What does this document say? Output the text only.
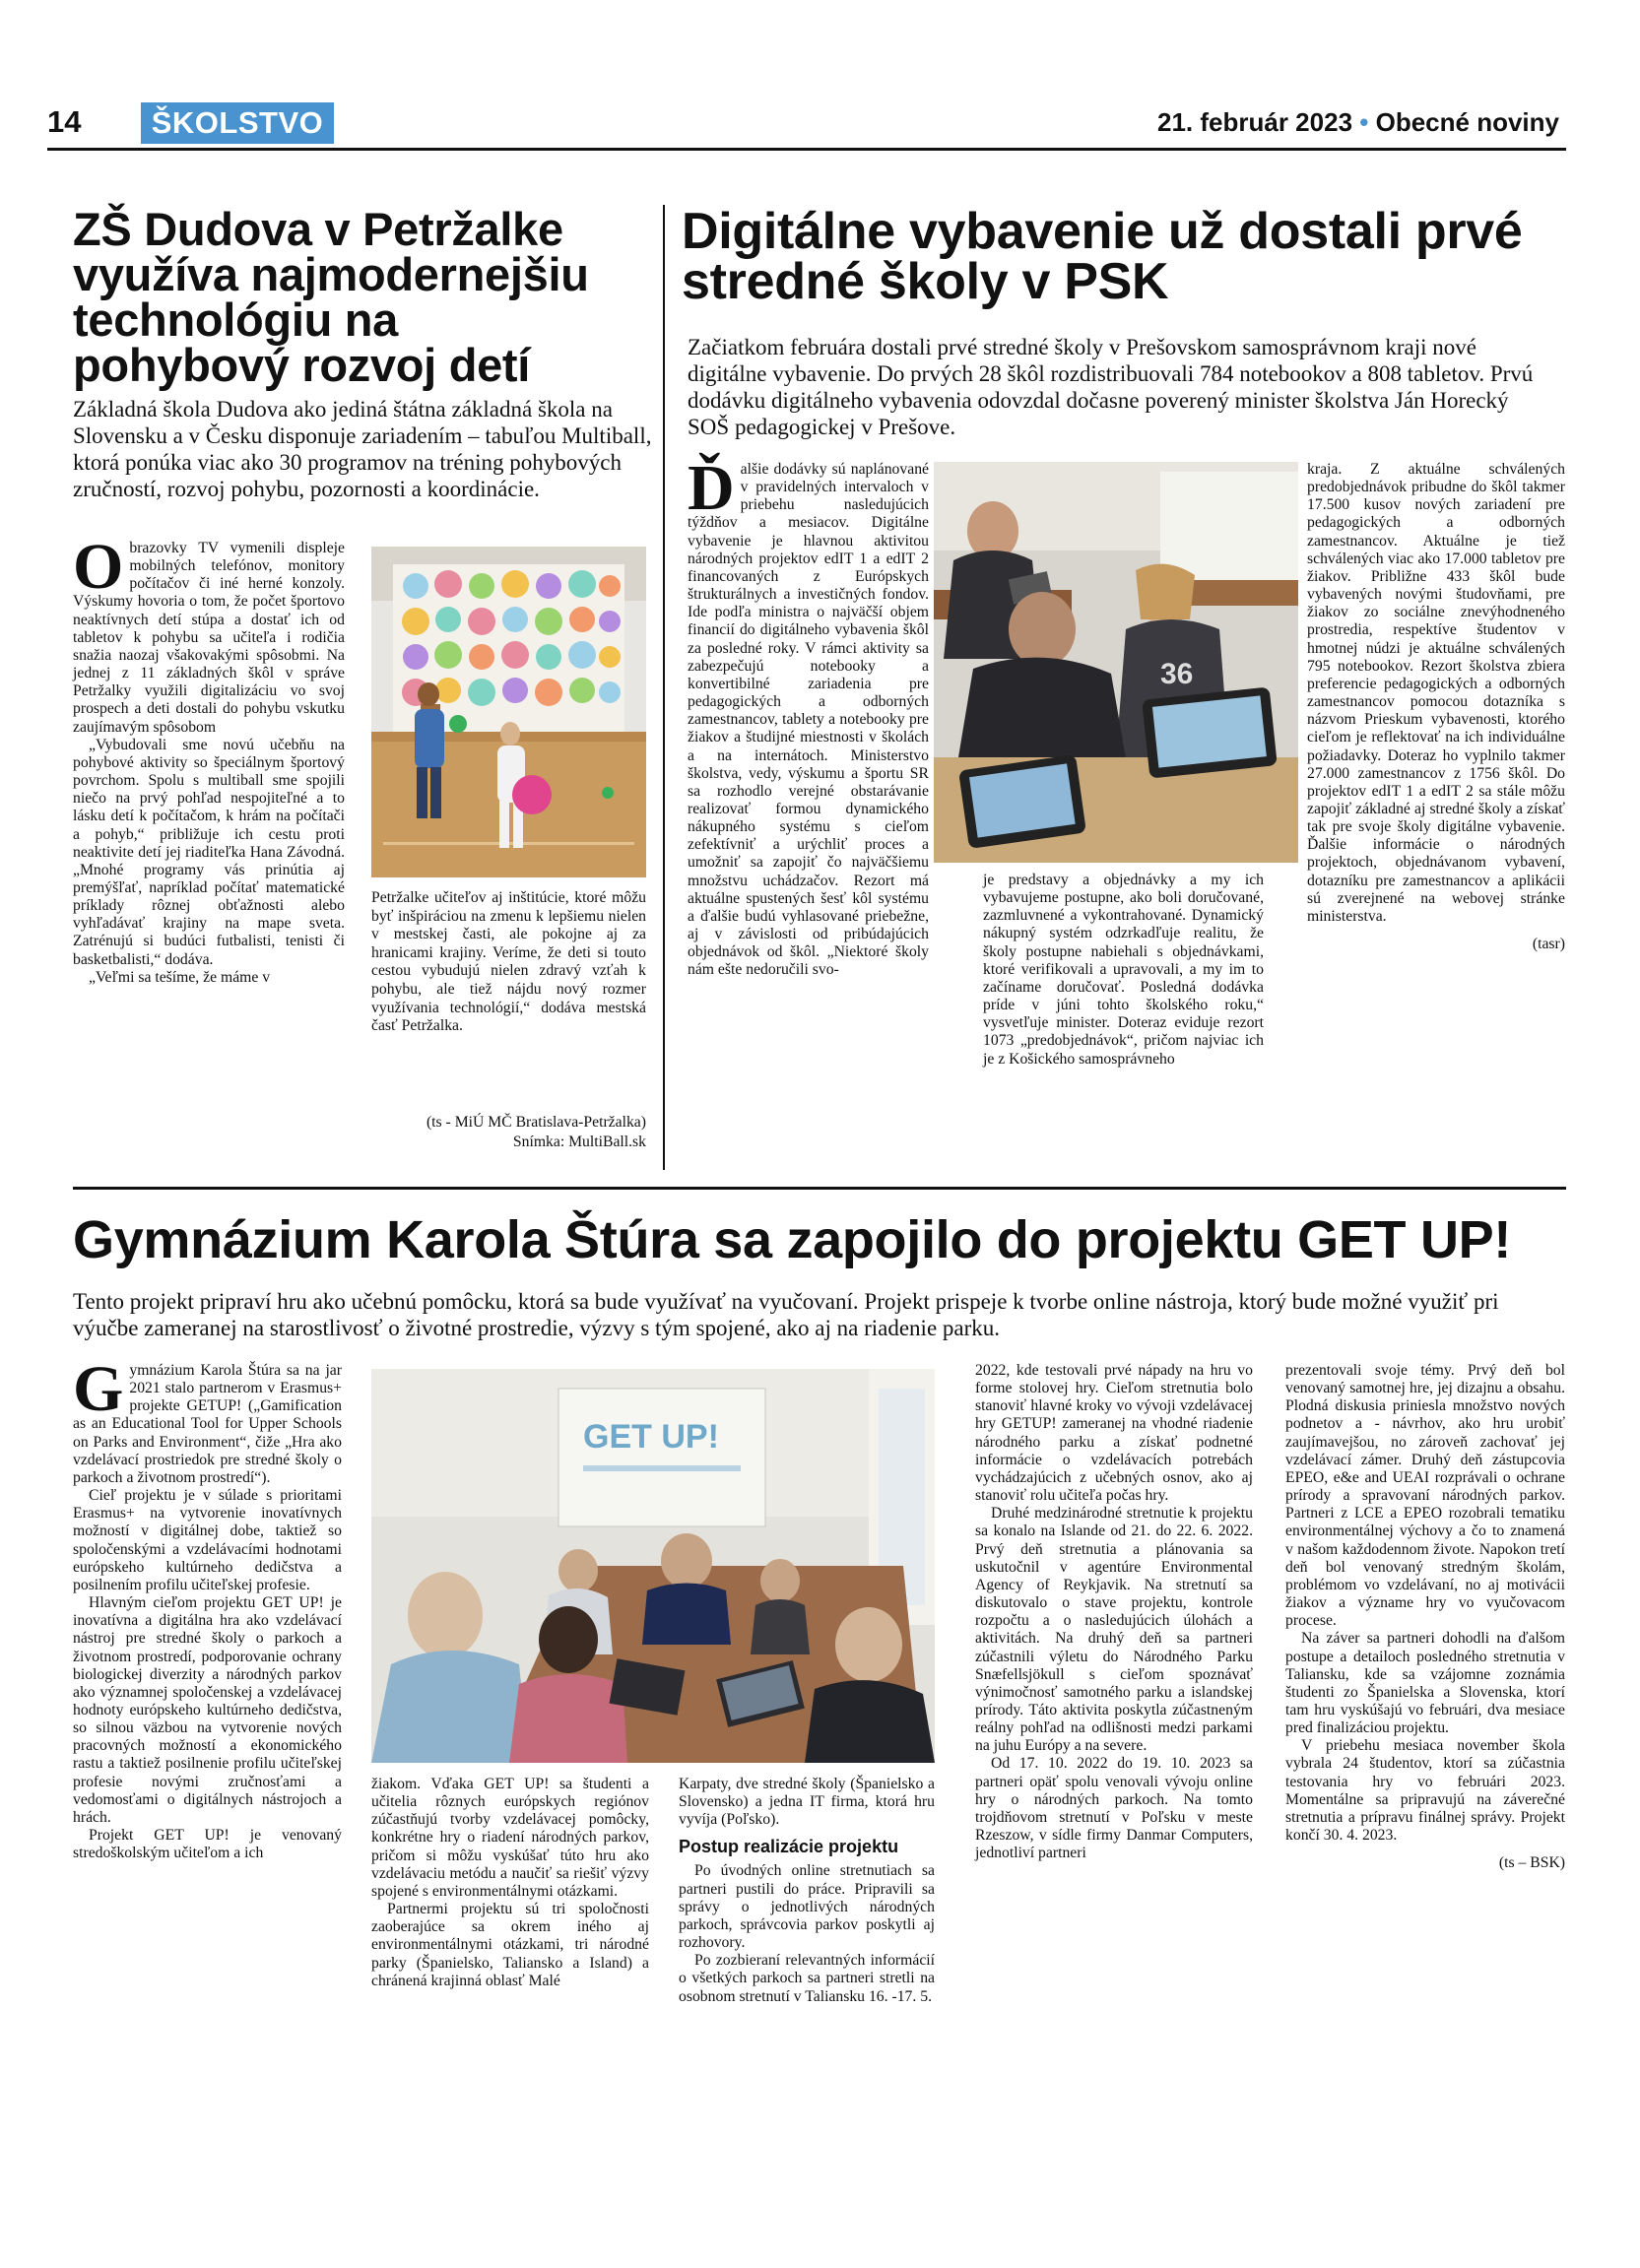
14	ŠKOLSTVO	21. február 2023 • Obecné noviny
ZŠ Dudova v Petržalke využíva najmodernejšiu technológiu na pohybový rozvoj detí
Základná škola Dudova ako jediná štátna základná škola na Slovensku a v Česku disponuje zariadením – tabuľou Multiball, ktorá ponúka viac ako 30 programov na tréning pohybových zručností, rozvoj pohybu, pozornosti a koordinácie.

Obrazovky TV vymenili displeje mobilných telefónov, monitory počítačov či iné herné konzoly. Výskumy hovoria o tom, že počet športovo neaktívnych detí stúpa a dostať ich od tabletov k pohybu sa učiteľa i rodičia snažia naozaj všakovakými spôsobmi. Na jednej z 11 základných škôl v správe Petržalky využili digitalizáciu vo svoj prospech a deti dostali do pohybu vskutku zaujímavým spôsobom

„Vybudovali sme novú učebňu na pohybové aktivity so špeciálnym športový povrchom. Spolu s multiball sme spojili niečo na prvý pohľad nespojiteľné a to lásku detí k počítačom, k hrám na počítači a pohyb,“ približuje ich cestu proti neaktivite detí jej riaditeľka Hana Závodná. „Mnohé programy vás prinútia aj premýšľať, napríklad počítať matematické príklady rôznej obťažnosti alebo vyhľadávať krajiny na mape sveta. Zatrénujú si budúci futbalisti, tenisti či basketbalisti,“ dodáva.

„Veľmi sa tešíme, že máme v

Petržalke učiteľov aj inštitúcie, ktoré môžu byť inšpiráciou na zmenu k lepšiemu nielen v mestskej časti, ale pokojne aj za hranicami krajiny. Veríme, že deti si touto cestou vybudujú nielen zdravý vzťah k pohybu, ale tiež nájdu nový rozmer využívania technológií,“ dodáva mestská časť Petržalka.
(ts - MiÚ MČ Bratislava-Petržalka)
Snímka: MultiBall.sk
Digitálne vybavenie už dostali prvé stredné školy v PSK
Začiatkom februára dostali prvé stredné školy v Prešovskom samosprávnom kraji nové digitálne vybavenie. Do prvých 28 škôl rozdistribuovali 784 notebookov a 808 tabletov. Prvú dodávku digitálneho vybavenia odovzdal dočasne poverený minister školstva Ján Horecký SOŠ pedagogickej v Prešove.

Ďalšie dodávky sú naplánované v pravidelných intervaloch v priebehu nasledujúcich týždňov a mesiacov. Digitálne vybavenie je hlavnou aktivitou národných projektov edIT 1 a edIT 2 financovaných z Európskych štrukturálnych a investičných fondov. Ide podľa ministra o najväčší objem financií do digitálneho vybavenia škôl za posledné roky. V rámci aktivity sa zabezpečujú notebooky a konvertibilné zariadenia pre pedagogických a odborných zamestnancov, tablety a notebooky pre žiakov a študijné miestnosti v školách a na internátoch. Ministerstvo školstva, vedy, výskumu a športu SR sa rozhodlo verejné obstarávanie realizovať formou dynamického nákupného systému s cieľom zefektívniť a urýchliť proces a umožniť sa zapojiť čo najväčšiemu množstvu uchádzačov. Rezort má aktuálne spustených šesť kôl systému a ďalšie budú vyhlasované priebežne, aj v závislosti od pribúdajúcich objednávok od škôl. „Niektoré školy nám ešte nedoručili svo-

36

je predstavy a objednávky a my ich vybavujeme postupne, ako boli doručované, zazmluvnené a vykontrahované. Dynamický nákupný systém odzrkadľuje realitu, že školy postupne nabiehali s objednávkami, ktoré verifikovali a upravovali, a my im to začíname doručovať. Posledná dodávka príde v júni tohto školského roku,“ vysvetľuje minister. Doteraz eviduje rezort 1073 „predobjednávok“, pričom najviac ich je z Košického samosprávneho

kraja. Z aktuálne schválených predobjednávok pribudne do škôl takmer 17.500 kusov nových zariadení pre pedagogických a odborných zamestnancov. Aktuálne je tiež schválených viac ako 17.000 tabletov pre žiakov. Približne 433 škôl bude vybavených novými študovňami, pre žiakov zo sociálne znevýhodneného prostredia, respektíve študentov v hmotnej núdzi je aktuálne schválených 795 notebookov. Rezort školstva zbiera preferencie pedagogických a odborných zamestnancov pomocou dotazníka s názvom Prieskum vybavenosti, ktorého cieľom je reflektovať na ich individuálne požiadavky. Doteraz ho vyplnilo takmer 27.000 zamestnancov z 1756 škôl. Do projektov edIT 1 a edIT 2 sa stále môžu zapojiť základné aj stredné školy a získať tak pre svoje školy digitálne vybavenie. Ďalšie informácie o národných projektoch, objednávanom vybavení, dotazníku pre zamestnancov a aplikácii sú zverejnené na webovej stránke ministerstva.

(tasr)
Gymnázium Karola Štúra sa zapojilo do projektu GET UP!
Tento projekt pripraví hru ako učebnú pomôcku, ktorá sa bude využívať na vyučovaní. Projekt prispeje k tvorbe online nástroja, ktorý bude možné využiť pri výučbe zameranej na starostlivosť o životné prostredie, výzvy s tým spojené, ako aj na riadenie parku.

Gymnázium Karola Štúra sa na jar 2021 stalo partnerom v Erasmus+ projekte GETUP! („Gamification as an Educational Tool for Upper Schools on Parks and Environment“, čiže „Hra ako vzdelávací prostriedok pre stredné školy o parkoch a životnom prostredí“).

Cieľ projektu je v súlade s prioritami Erasmus+ na vytvorenie inovatívnych možností v digitálnej dobe, taktiež so spoločenskými a vzdelávacími hodnotami európskeho kultúrneho dedičstva a posilnením profilu učiteľskej profesie.

Hlavným cieľom projektu GET UP! je inovatívna a digitálna hra ako vzdelávací nástroj pre stredné školy o parkoch a životnom prostredí, podporovanie ochrany biologickej diverzity a národných parkov ako významnej spoločenskej a vzdelávacej hodnoty európskeho kultúrneho dedičstva, so silnou väzbou na vytvorenie nových pracovných možností a ekonomického rastu a taktiež posilnenie profilu učiteľskej profesie novými zručnosťami a vedomosťami o digitálnych nástrojoch a hrách.

Projekt GET UP! je venovaný stredoškolským učiteľom a ich

GET UP!

žiakom. Vďaka GET UP! sa študenti a učitelia rôznych európskych regiónov zúčastňujú tvorby vzdelávacej pomôcky, konkrétne hry o riadení národných parkov, pričom si môžu vyskúšať túto hru ako vzdelávaciu metódu a naučiť sa riešiť výzvy spojené s environmentálnymi otázkami.

Partnermi projektu sú tri spoločnosti zaoberajúce sa okrem iného aj environmentálnymi otázkami, tri národné parky (Španielsko, Taliansko a Island) a chránená krajinná oblasť Malé

Karpaty, dve stredné školy (Španielsko a Slovensko) a jedna IT firma, ktorá hru vyvíja (Poľsko).

Postup realizácie projektu

Po úvodných online stretnutiach sa partneri pustili do práce. Pripravili sa správy o jednotlivých národných parkoch, správcovia parkov poskytli aj rozhovory.

Po zozbieraní relevantných informácií o všetkých parkoch sa partneri stretli na osobnom stretnutí v Taliansku 16. -17. 5.

2022, kde testovali prvé nápady na hru vo forme stolovej hry. Cieľom stretnutia bolo stanoviť hlavné kroky vo vývoji vzdelávacej hry GETUP! zameranej na vhodné riadenie národného parku a získať podnetné informácie o vzdelávacích potrebách vychádzajúcich z učebných osnov, ako aj stanoviť rolu učiteľa počas hry.

Druhé medzinárodné stretnutie k projektu sa konalo na Islande od 21. do 22. 6. 2022. Prvý deň stretnutia a plánovania sa uskutočnil v agentúre Environmental Agency of Reykjavik. Na stretnutí sa diskutovalo o stave projektu, kontrole rozpočtu a o nasledujúcich úlohách a aktivitách. Na druhý deň sa partneri zúčastnili výletu do Národného Parku Snæfellsjökull s cieľom spoznávať výnimočnosť samotného parku a islandskej prírody. Táto aktivita poskytla zúčastneným reálny pohľad na odlišnosti medzi parkami na juhu Európy a na severe.

Od 17. 10. 2022 do 19. 10. 2023 sa partneri opäť spolu venovali vývoju online hry o národných parkoch. Na tomto trojdňovom stretnutí v Poľsku v meste Rzeszow, v sídle firmy Danmar Computers, jednotliví partneri

prezentovali svoje témy. Prvý deň bol venovaný samotnej hre, jej dizajnu a obsahu. Plodná diskusia priniesla množstvo nových podnetov a - návrhov, ako hru urobiť zaujímavejšou, no zároveň zachovať jej vzdelávací zámer. Druhý deň zástupcovia EPEO, e&e and UEAI rozprávali o ochrane prírody a spravovaní národných parkov. Partneri z LCE a EPEO rozobrali tematiku environmentálnej výchovy a čo to znamená v našom každodennom živote. Napokon tretí deň bol venovaný stredným školám, problémom vo vzdelávaní, no aj motivácii žiakov a význame hry vo vyučovacom procese.

Na záver sa partneri dohodli na ďalšom postupe a detailoch posledného stretnutia v Taliansku, kde sa vzájomne zoznámia študenti zo Španielska a Slovenska, ktorí tam hru vyskúšajú vo februári, dva mesiace pred finalizáciou projektu.

V priebehu mesiaca november škola vybrala 24 študentov, ktorí sa zúčastnia testovania hry vo februári 2023. Momentálne sa pripravujú na záverečné stretnutia a prípravu finálnej správy. Projekt končí 30. 4. 2023.

(ts – BSK)
